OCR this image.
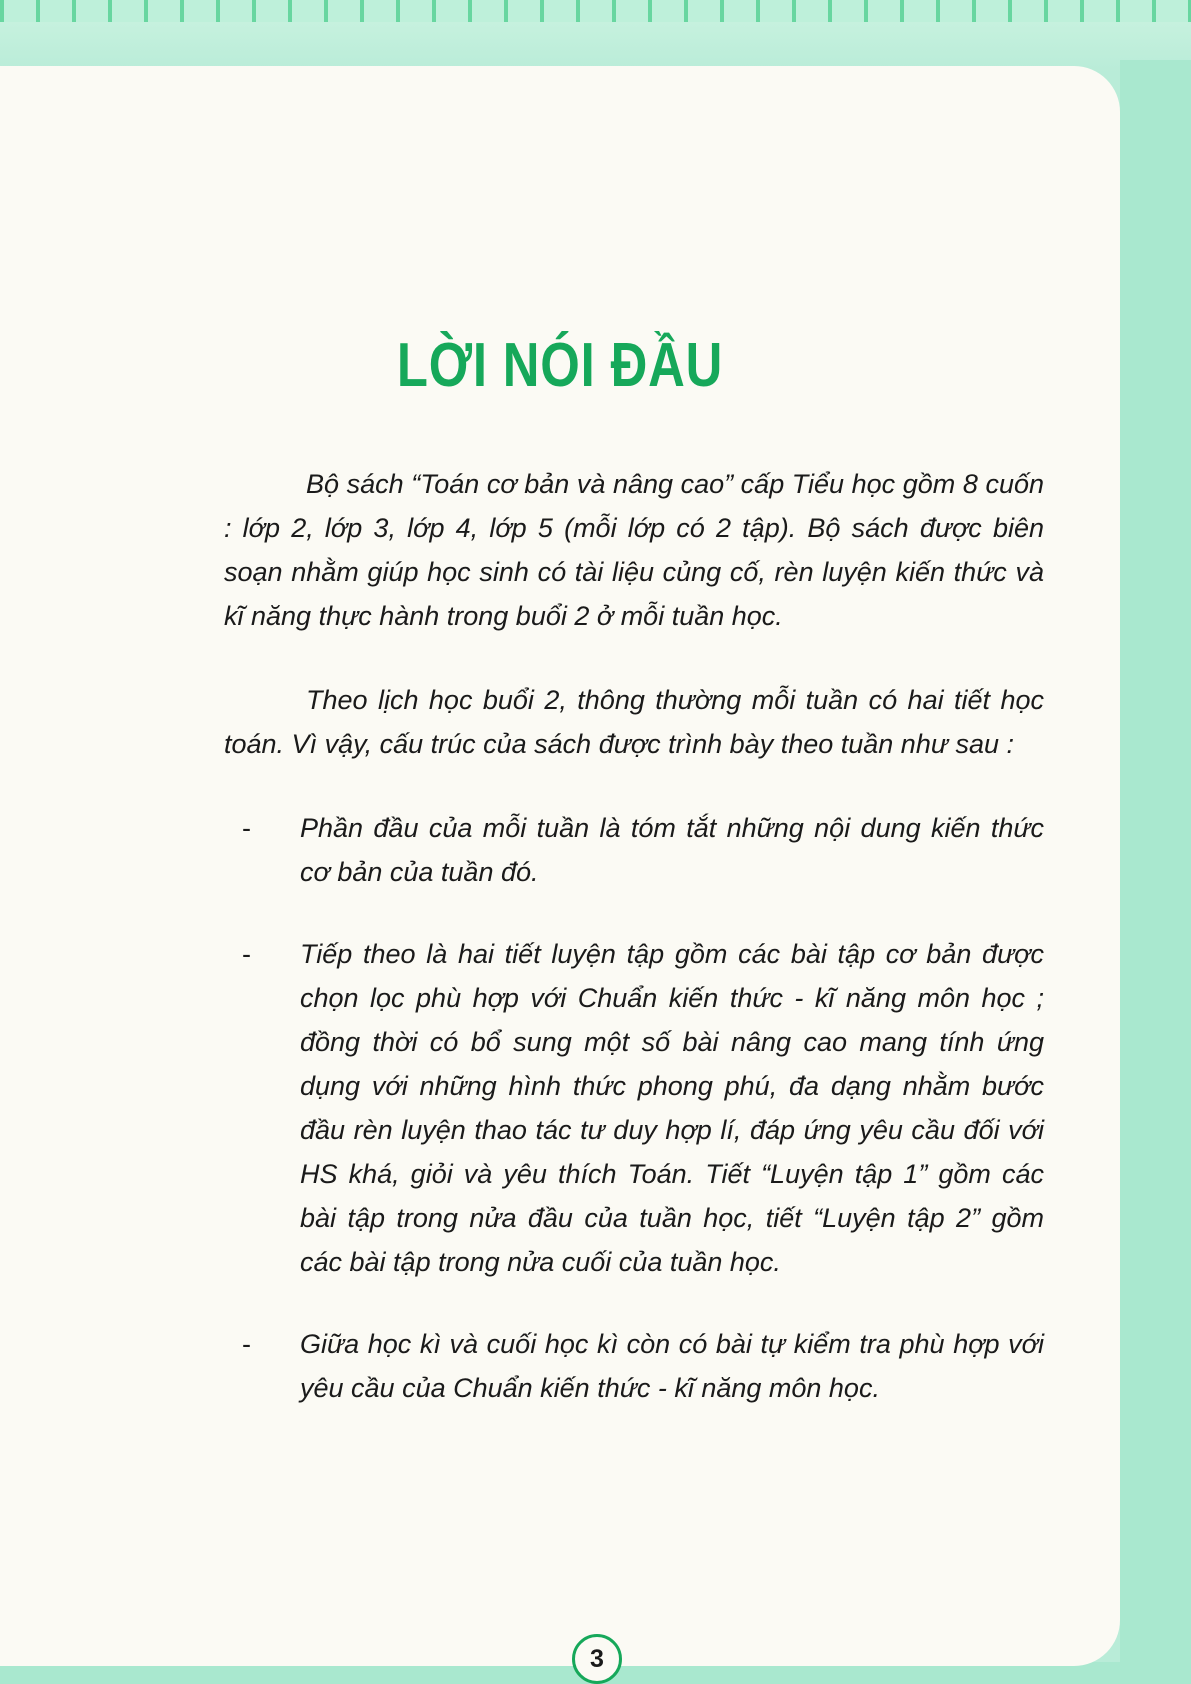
LỜI NÓI ĐẦU

Bộ sách “Toán cơ bản và nâng cao” cấp Tiểu học gồm 8 cuốn : lớp 2, lớp 3, lớp 4, lớp 5 (mỗi lớp có 2 tập). Bộ sách được biên soạn nhằm giúp học sinh có tài liệu củng cố, rèn luyện kiến thức và kĩ năng thực hành trong buổi 2 ở mỗi tuần học.

Theo lịch học buổi 2, thông thường mỗi tuần có hai tiết học toán. Vì vậy, cấu trúc của sách được trình bày theo tuần như sau :

- Phần đầu của mỗi tuần là tóm tắt những nội dung kiến thức cơ bản của tuần đó.
- Tiếp theo là hai tiết luyện tập gồm các bài tập cơ bản được chọn lọc phù hợp với Chuẩn kiến thức - kĩ năng môn học ; đồng thời có bổ sung một số bài nâng cao mang tính ứng dụng với những hình thức phong phú, đa dạng nhằm bước đầu rèn luyện thao tác tư duy hợp lí, đáp ứng yêu cầu đối với HS khá, giỏi và yêu thích Toán. Tiết “Luyện tập 1” gồm các bài tập trong nửa đầu của tuần học, tiết “Luyện tập 2” gồm các bài tập trong nửa cuối của tuần học.
- Giữa học kì và cuối học kì còn có bài tự kiểm tra phù hợp với yêu cầu của Chuẩn kiến thức - kĩ năng môn học.
3
